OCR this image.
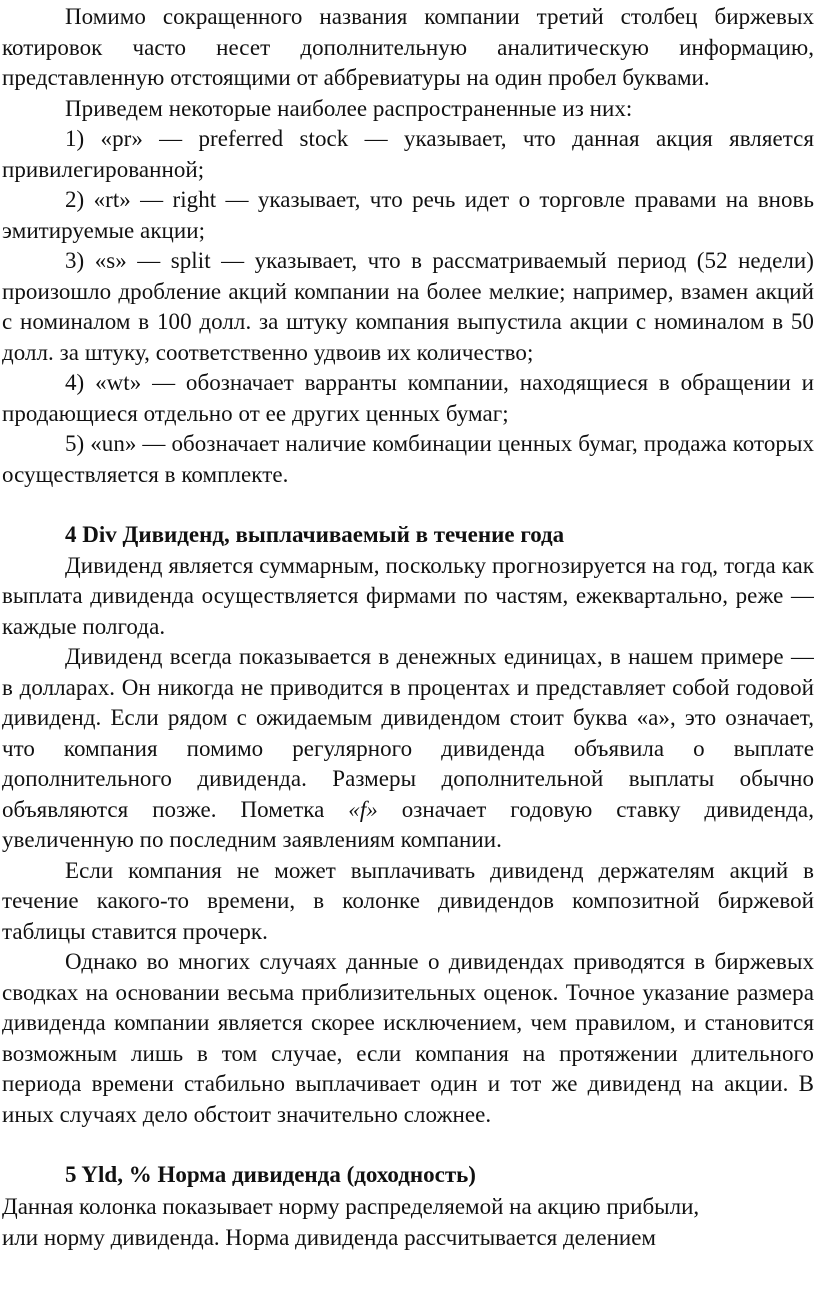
Помимо сокращенного названия компании третий столбец биржевых котировок часто несет дополнительную аналитическую информацию, представленную отстоящими от аббревиатуры на один пробел буквами.

Приведем некоторые наиболее распространенные из них:

1) «pr» — preferred stock — указывает, что данная акция является привилегированной;

2) «rt» — right — указывает, что речь идет о торговле правами на вновь эмитируемые акции;

3) «s» — split — указывает, что в рассматриваемый период (52 недели) произошло дробление акций компании на более мелкие; например, взамен акций с номиналом в 100 долл. за штуку компания выпустила акции с номиналом в 50 долл. за штуку, соответственно удвоив их количество;

4) «wt» — обозначает варранты компании, находящиеся в обращении и продающиеся отдельно от ее других ценных бумаг;

5) «un» — обозначает наличие комбинации ценных бумаг, продажа которых осуществляется в комплекте.

4 Div Дивиденд, выплачиваемый в течение года

Дивиденд является суммарным, поскольку прогнозируется на год, тогда как выплата дивиденда осуществляется фирмами по частям, ежеквартально, реже — каждые полгода.

Дивиденд всегда показывается в денежных единицах, в нашем примере — в долларах. Он никогда не приводится в процентах и представляет собой годовой дивиденд. Если рядом с ожидаемым дивидендом стоит буква «а», это означает, что компания помимо регулярного дивиденда объявила о выплате дополнительного дивиденда. Размеры дополнительной выплаты обычно объявляются позже. Пометка «f» означает годовую ставку дивиденда, увеличенную по последним заявлениям компании.

Если компания не может выплачивать дивиденд держателям акций в течение какого-то времени, в колонке дивидендов композитной биржевой таблицы ставится прочерк.

Однако во многих случаях данные о дивидендах приводятся в биржевых сводках на основании весьма приблизительных оценок. Точное указание размера дивиденда компании является скорее исключением, чем правилом, и становится возможным лишь в том случае, если компания на протяжении длительного периода времени стабильно выплачивает один и тот же дивиденд на акции. В иных случаях дело обстоит значительно сложнее.

5 Yld, % Норма дивиденда (доходность)

Данная колонка показывает норму распределяемой на акцию прибыли,

или норму дивиденда. Норма дивиденда рассчитывается делением
